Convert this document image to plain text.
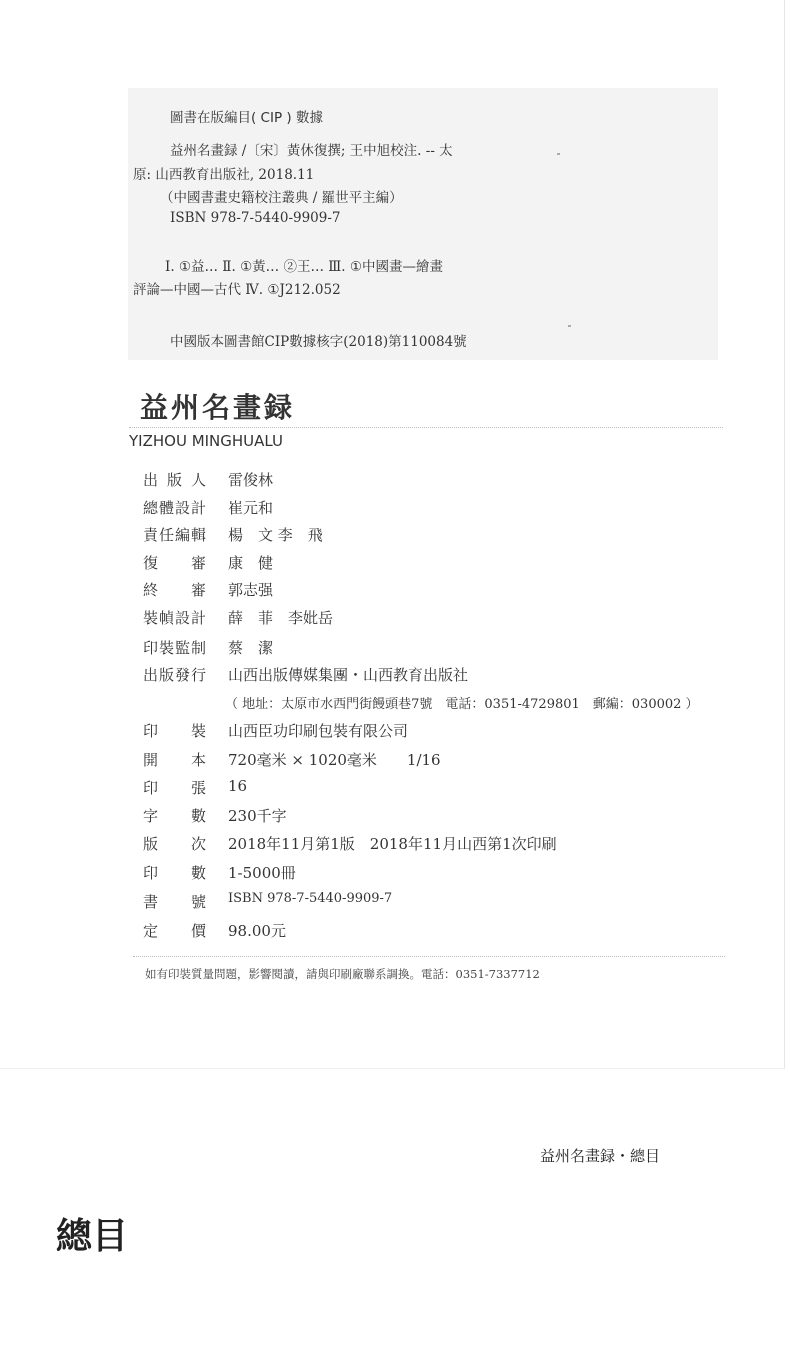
圖書在版編目( CIP ) 數據
益州名畫録 /〔宋〕黃休復撰; 王中旭校注. -- 太
原: 山西教育出版社, 2018.11
（中國書畫史籍校注叢典 / 羅世平主編）
ISBN 978-7-5440-9909-7
Ⅰ. ①益… Ⅱ. ①黃… ②王… Ⅲ. ①中國畫—繪畫
評論—中國—古代 Ⅳ. ①J212.052
中國版本圖書館CIP數據核字(2018)第110084號
益州名畫録
YIZHOU MINGHUALU
出版人 雷俊林
總體設計 崔元和
責任編輯 楊　文 李　飛
復審 康　健
終審 郭志强
裝幀設計 薛　菲　李妣岳
印裝監制 蔡　潔
出版發行 山西出版傳媒集團・山西教育出版社
（ 地址：太原市水西門街饅頭巷7號　電話：0351-4729801　郵編：030002 ）
印裝 山西臣功印刷包裝有限公司
開本 720毫米 × 1020毫米　　1/16
印張 16
字數 230千字
版次 2018年11月第1版　2018年11月山西第1次印刷
印數 1-5000冊
書號 ISBN 978-7-5440-9909-7
定價 98.00元
如有印裝質量問題，影響閱讀，請與印刷廠聯系調換。電話：0351-7337712
益州名畫録・總目
總目
